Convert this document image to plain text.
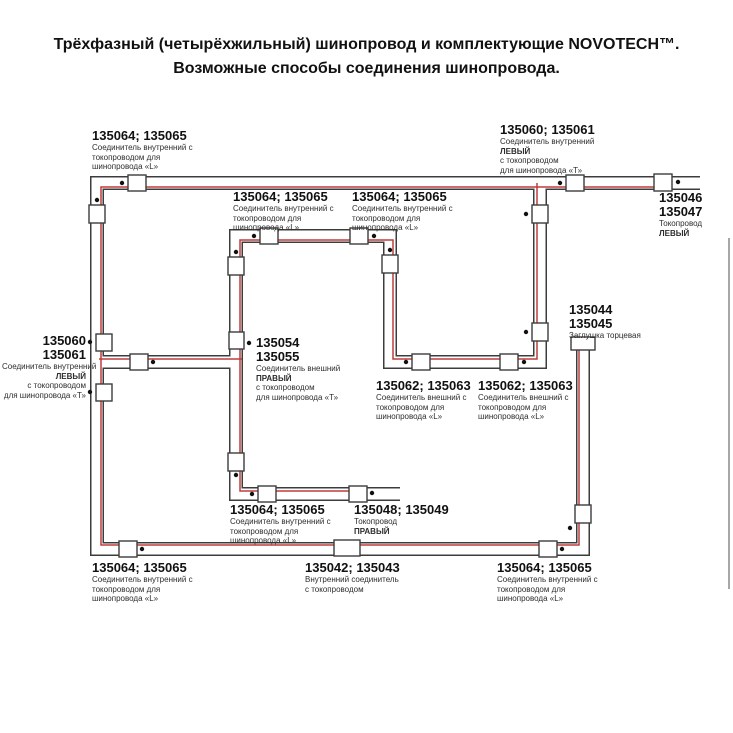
Трёхфазный (четырёхжильный) шинопровод и комплектующие NOVOTECH™.
Возможные способы соединения шинопровода.
135064; 135065
Соединитель внутренний с
токопроводом для
шинопровода «L»
135064; 135065
Соединитель внутренний с
токопроводом для
шинопровода «L»
135064; 135065
Соединитель внутренний с
токопроводом для
шинопровода «L»
135060; 135061
Соединитель внутренний
ЛЕВЫЙ
с токопроводом
для шинопровода «Т»
135046
135047
Токопровод
ЛЕВЫЙ
135060
135061
Соединитель внутренний
ЛЕВЫЙ
с токопроводом
для шинопровода «Т»
135054
135055
Соединитель внешний
ПРАВЫЙ
с токопроводом
для шинопровода «Т»
135044
135045
Заглушка торцевая
135062; 135063
Соединитель внешний с
токопроводом для
шинопровода «L»
135062; 135063
Соединитель внешний с
токопроводом для
шинопровода «L»
135064; 135065
Соединитель внутренний с
токопроводом для
шинопровода «L»
135048; 135049
Токопровод
ПРАВЫЙ
135064; 135065
Соединитель внутренний с
токопроводом для
шинопровода «L»
135042; 135043
Внутренний соединитель
с токопроводом
135064; 135065
Соединитель внутренний с
токопроводом для
шинопровода «L»
